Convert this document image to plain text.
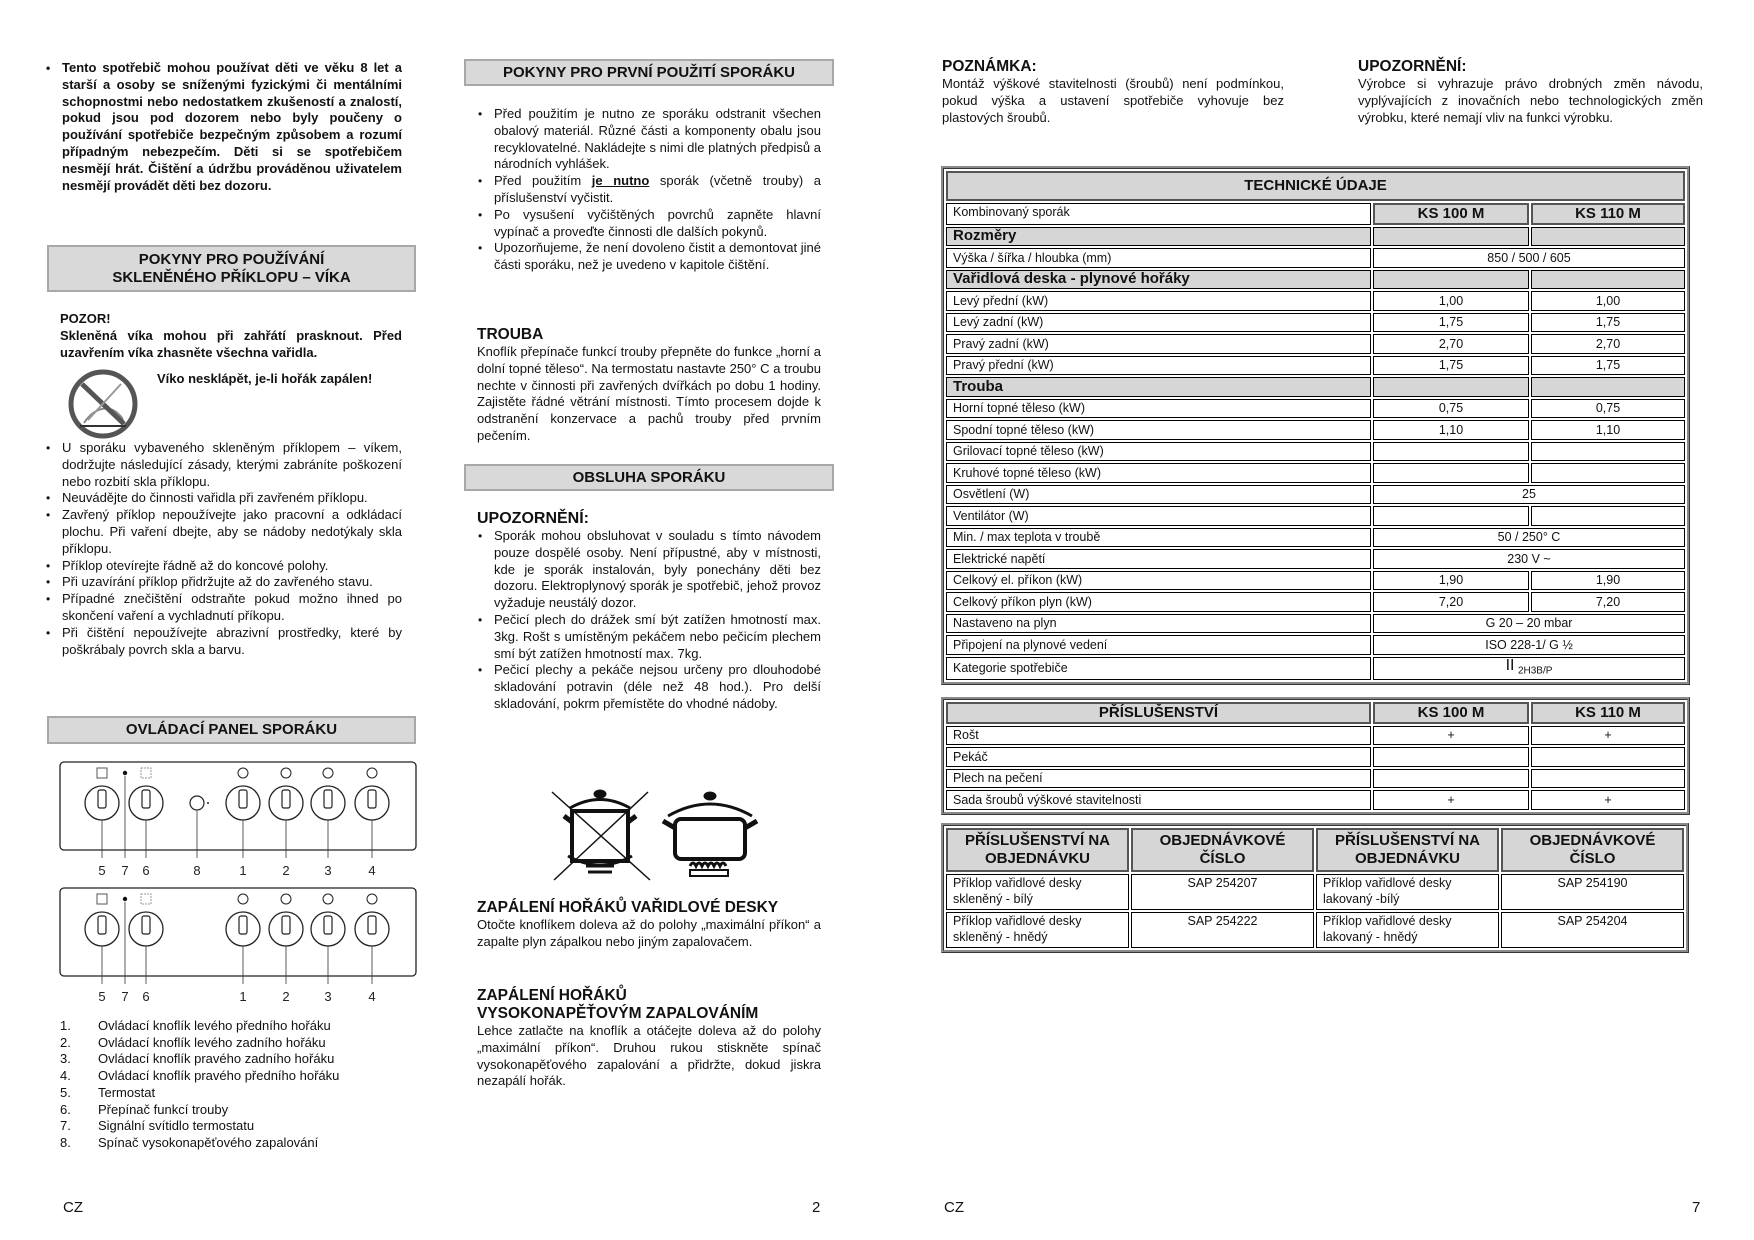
• Tento spotřebič mohou používat děti ve věku 8 let a starší a osoby se sníženými fyzickými či mentálními schopnostmi nebo nedostatkem zkušeností a znalostí, pokud jsou pod dozorem nebo byly poučeny o používání spotřebiče bezpečným způsobem a rozumí případným nebezpečím. Děti si se spotřebičem nesmějí hrát. Čištění a údržbu prováděnou uživatelem nesmějí provádět děti bez dozoru.
POKYNY PRO POUŽÍVÁNÍ
SKLENĚNÉHO PŘÍKLOPU – VÍKA
POZOR!
Skleněná víka mohou při zahřátí prasknout. Před uzavřením víka zhasněte všechna vařidla.
Víko nesklápět, je-li hořák zapálen!
• U sporáku vybaveného skleněným příklopem – víkem, dodržujte následující zásady, kterými zabráníte poškození nebo rozbití skla příklopu.
• Neuvádějte do činnosti vařidla při zavřeném příklopu.
• Zavřený příklop nepoužívejte jako pracovní a odkládací plochu. Při vaření dbejte, aby se nádoby nedotýkaly skla příklopu.
• Příklop otevírejte řádně až do koncové polohy.
• Při uzavírání příklop přidržujte až do zavřeného stavu.
• Případné znečištění odstraňte pokud možno ihned po skončení vaření a vychladnutí příkopu.
• Při čištění nepoužívejte abrazivní prostředky, které by poškrábaly povrch skla a barvu.
OVLÁDACÍ PANEL SPORÁKU
5 7 6	8	1	2	3	4
5 7 6	1	2	3	4
1.	Ovládací knoflík levého předního hořáku
2.	Ovládací knoflík levého zadního hořáku
3.	Ovládací knoflík pravého zadního hořáku
4.	Ovládací knoflík pravého předního hořáku
5.	Termostat
6.	Přepínač funkcí trouby
7.	Signální svítidlo termostatu
8.	Spínač vysokonapěťového zapalování
CZ	2
POKYNY PRO PRVNÍ POUŽITÍ SPORÁKU
• Před použitím je nutno ze sporáku odstranit všechen obalový materiál. Různé části a komponenty obalu jsou recyklovatelné. Nakládejte s nimi dle platných předpisů a národních vyhlášek.
• Před použitím je nutno sporák (včetně trouby) a příslušenství vyčistit.
• Po vysušení vyčištěných povrchů zapněte hlavní vypínač a proveďte činnosti dle dalších pokynů.
• Upozorňujeme, že není dovoleno čistit a demontovat jiné části sporáku, než je uvedeno v kapitole čištění.
TROUBA
Knoflík přepínače funkcí trouby přepněte do funkce „horní a dolní topné těleso“. Na termostatu nastavte 250° C a troubu nechte v činnosti při zavřených dvířkách po dobu 1 hodiny. Zajistěte řádné větrání místnosti. Tímto procesem dojde k odstranění konzervace a pachů trouby před prvním pečením.
OBSLUHA SPORÁKU
UPOZORNĚNÍ:
• Sporák mohou obsluhovat v souladu s tímto návodem pouze dospělé osoby. Není přípustné, aby v místnosti, kde je sporák instalován, byly ponechány děti bez dozoru. Elektroplynový sporák je spotřebič, jehož provoz vyžaduje neustálý dozor.
• Pečicí plech do drážek smí být zatížen hmotností max. 3kg. Rošt s umístěným pekáčem nebo pečicím plechem smí být zatížen hmotností max. 7kg.
• Pečicí plechy a pekáče nejsou určeny pro dlouhodobé skladování potravin (déle než 48 hod.). Pro delší skladování, pokrm přemístěte do vhodné nádoby.
ZAPÁLENÍ HOŘÁKŮ VAŘIDLOVÉ DESKY
Otočte knoflíkem doleva až do polohy „maximální příkon“ a zapalte plyn zápalkou nebo jiným zapalovačem.
ZAPÁLENÍ HOŘÁKŮ
VYSOKONAPĚŤOVÝM ZAPALOVÁNÍM
Lehce zatlačte na knoflík a otáčejte doleva až do polohy „maximální příkon“. Druhou rukou stiskněte spínač vysokonapěťového zapalování a přidržte, dokud jiskra nezapálí hořák.
POZNÁMKA:
Montáž výškové stavitelnosti (šroubů) není podmínkou, pokud výška a ustavení spotřebiče vyhovuje bez plastových šroubů.
UPOZORNĚNÍ:
Výrobce si vyhrazuje právo drobných změn návodu, vyplývajících z inovačních nebo technologických změn výrobku, které nemají vliv na funkci výrobku.
TECHNICKÉ ÚDAJE		
Kombinovaný sporák	KS 100 M	KS 110 M
Rozměry		
Výška / šířka / hloubka (mm)	850 / 500 / 605	
Vařidlová deska - plynové hořáky		
Levý přední (kW)	1,00	1,00
Levý zadní (kW)	1,75	1,75
Pravý zadní (kW)	2,70	2,70
Pravý přední (kW)	1,75	1,75
Trouba		
Horní topné těleso (kW)	0,75	0,75
Spodní topné těleso (kW)	1,10	1,10
Grilovací topné těleso (kW)		
Kruhové topné těleso (kW)		
Osvětlení (W)	25	
Ventilátor (W)		
Min. / max teplota v troubě	50 / 250° C	
Elektrické napětí	230 V ~	
Celkový el. příkon (kW)	1,90	1,90
Celkový příkon plyn (kW)	7,20	7,20
Nastaveno na plyn	G 20 – 20 mbar	
Připojení na plynové vedení	ISO 228-1/ G ½	
Kategorie spotřebiče	II $_{2H3B/P}$
PŘÍSLUŠENSTVÍ	KS 100 M	KS 110 M
Rošt	+	+
Pekáč		
Plech na pečení		
Sada šroubů výškové stavitelnosti	+	+
PŘÍSLUŠENSTVÍ NA OBJEDNÁVKU	OBJEDNÁVKOVÉ ČÍSLO	PŘÍSLUŠENSTVÍ NA OBJEDNÁVKU	OBJEDNÁVKOVÉ ČÍSLO
Příklop vařidlové desky skleněný - bílý	SAP 254207	Příklop vařidlové desky lakovaný -bílý	SAP 254190
Příklop vařidlové desky skleněný - hnědý	SAP 254222	Příklop vařidlové desky lakovaný - hnědý	SAP 254204
CZ	7
